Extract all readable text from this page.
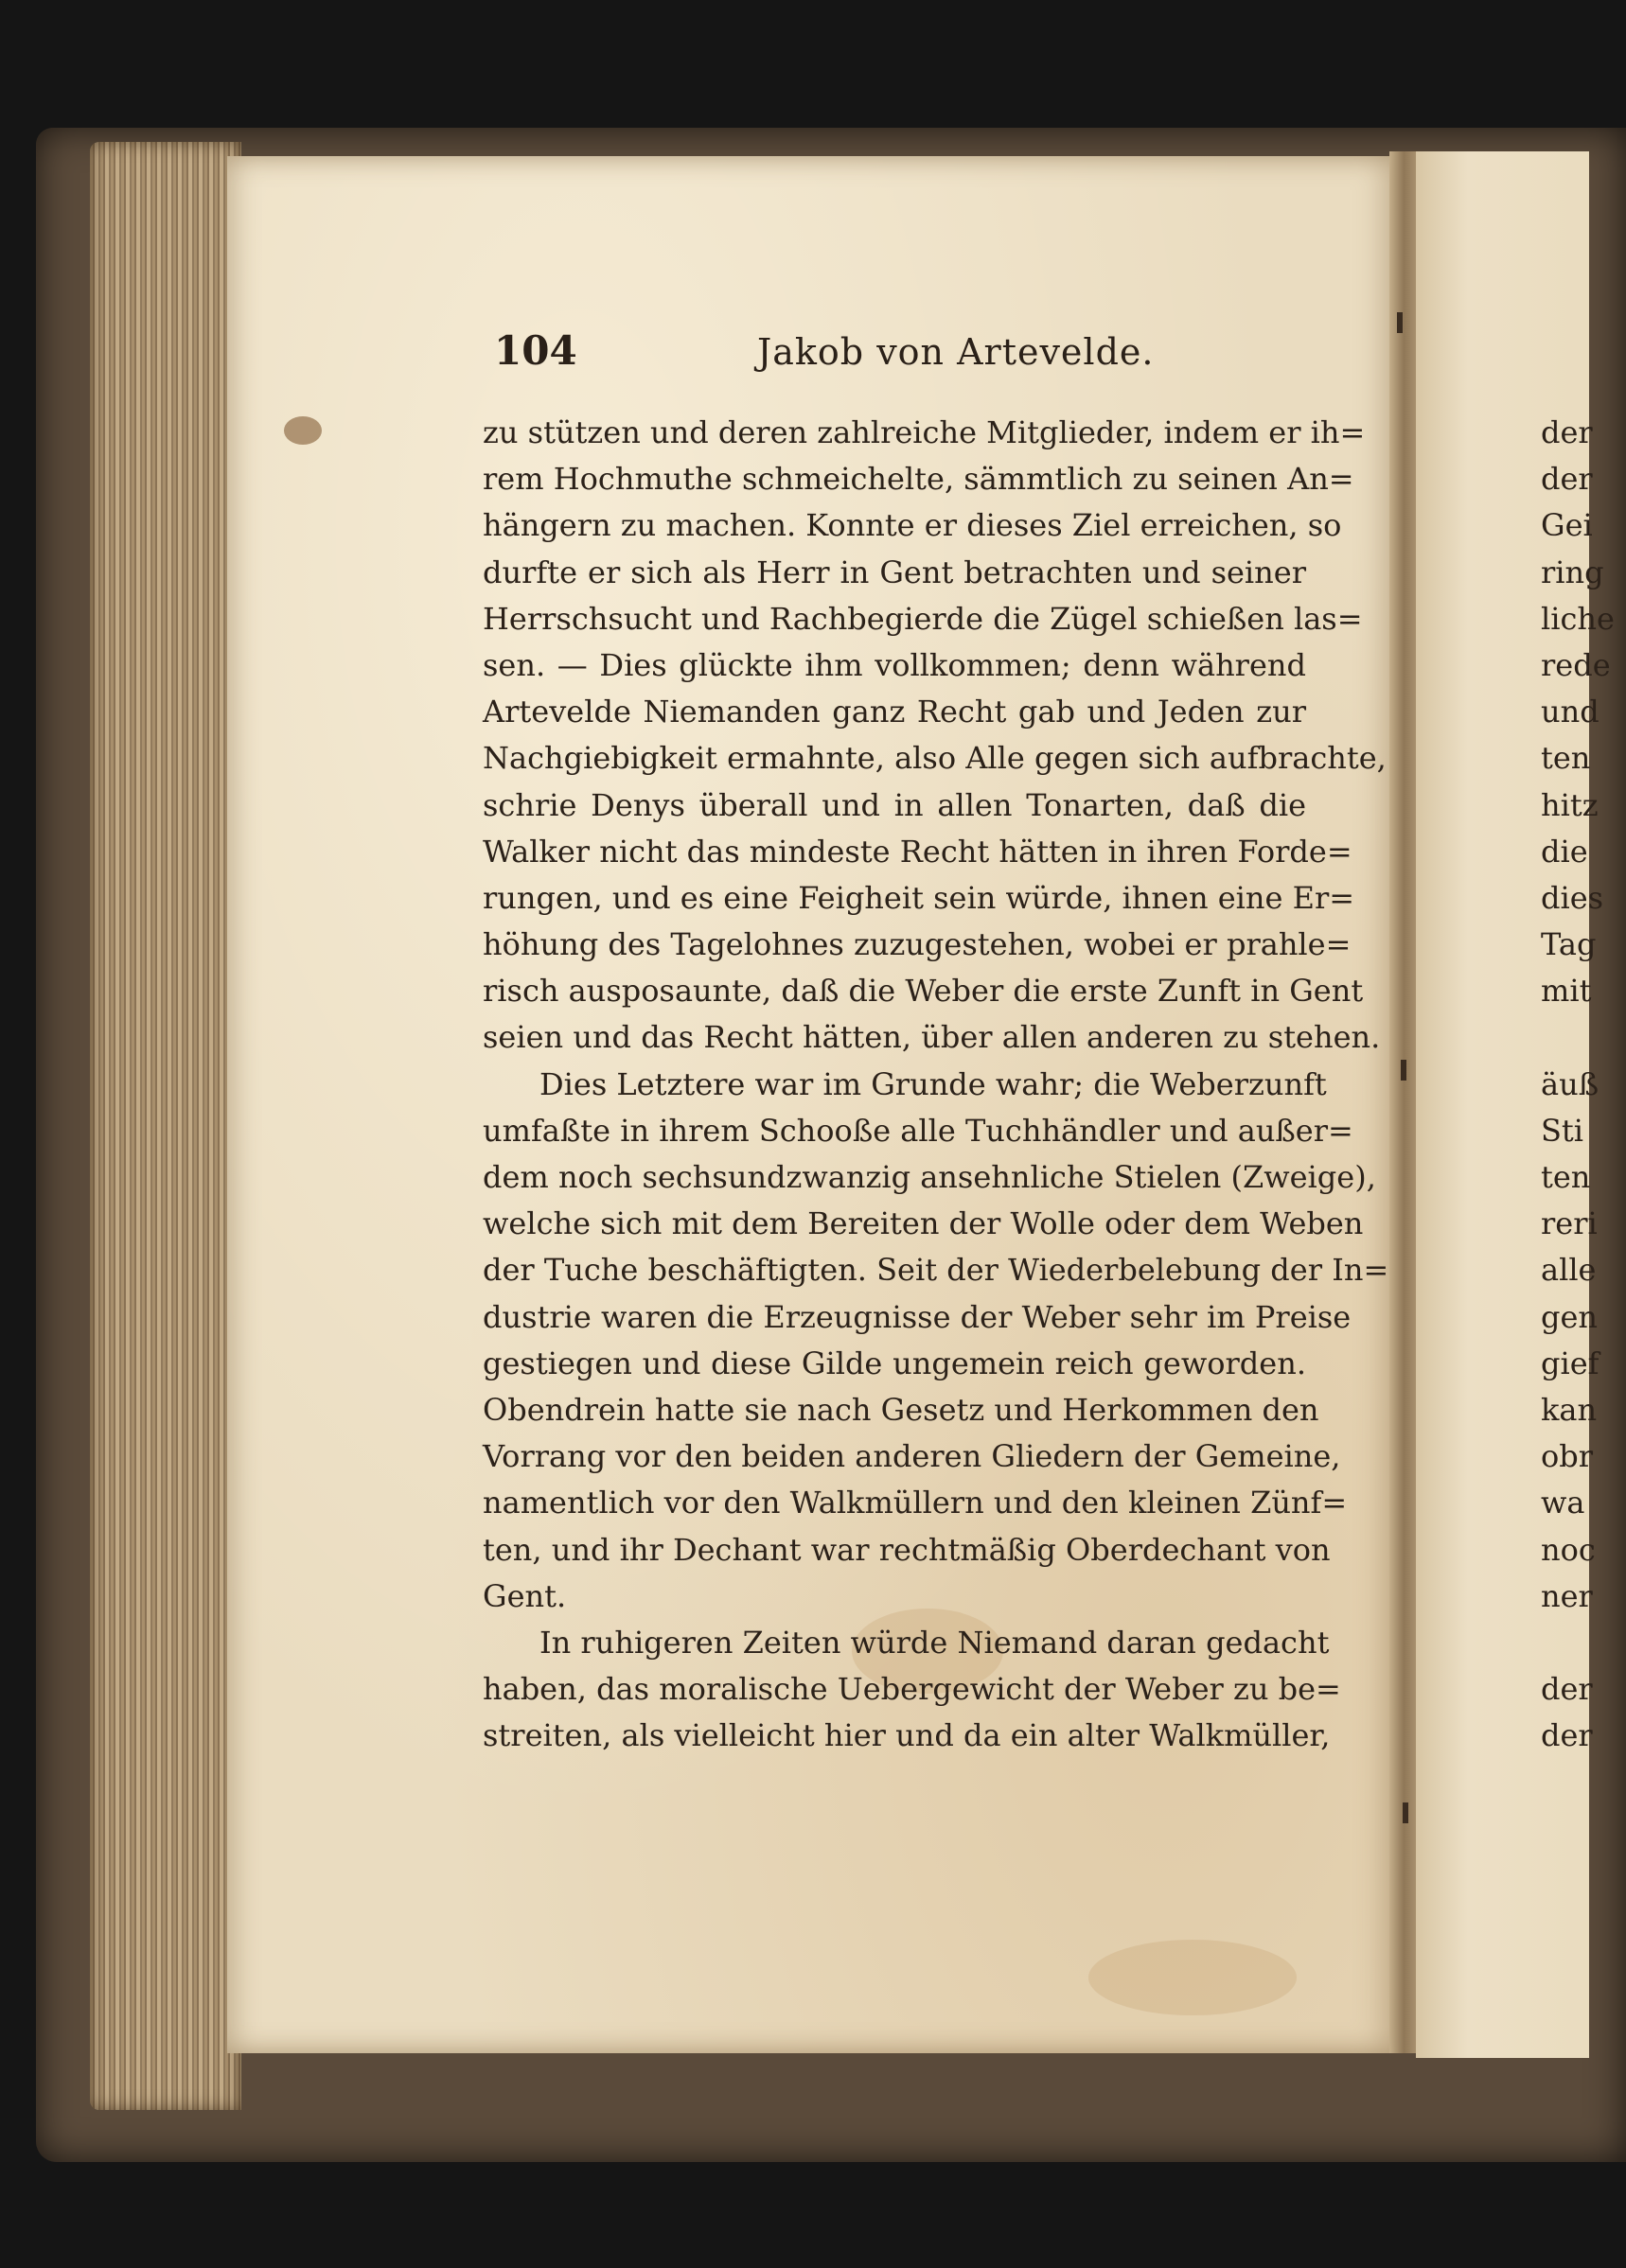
104	Jakob von Artevelde.
zu stützen und deren zahlreiche Mitglieder, indem er ih=
rem Hochmuthe schmeichelte, sämmtlich zu seinen An=
hängern zu machen. Konnte er dieses Ziel erreichen, so
durfte er sich als Herr in Gent betrachten und seiner
Herrschsucht und Rachbegierde die Zügel schießen las=
sen. — Dies glückte ihm vollkommen; denn während
Artevelde Niemanden ganz Recht gab und Jeden zur
Nachgiebigkeit ermahnte, also Alle gegen sich aufbrachte,
schrie Denys überall und in allen Tonarten, daß die
Walker nicht das mindeste Recht hätten in ihren Forde=
rungen, und es eine Feigheit sein würde, ihnen eine Er=
höhung des Tagelohnes zuzugestehen, wobei er prahle=
risch ausposaunte, daß die Weber die erste Zunft in Gent
seien und das Recht hätten, über allen anderen zu stehen.
Dies Letztere war im Grunde wahr; die Weberzunft
umfaßte in ihrem Schooße alle Tuchhändler und außer=
dem noch sechsundzwanzig ansehnliche Stielen (Zweige),
welche sich mit dem Bereiten der Wolle oder dem Weben
der Tuche beschäftigten. Seit der Wiederbelebung der In=
dustrie waren die Erzeugnisse der Weber sehr im Preise
gestiegen und diese Gilde ungemein reich geworden.
Obendrein hatte sie nach Gesetz und Herkommen den
Vorrang vor den beiden anderen Gliedern der Gemeine,
namentlich vor den Walkmüllern und den kleinen Zünf=
ten, und ihr Dechant war rechtmäßig Oberdechant von
Gent.
In ruhigeren Zeiten würde Niemand daran gedacht
haben, das moralische Uebergewicht der Weber zu be=
streiten, als vielleicht hier und da ein alter Walkmüller,
der
der
Gei
ring
liche
rede
und
ten
hitz
die
dies
Tag
mit
äuß
Sti
ten
reri
alle
gen
gief
kan
obr
wa
noc
ner
der
der
